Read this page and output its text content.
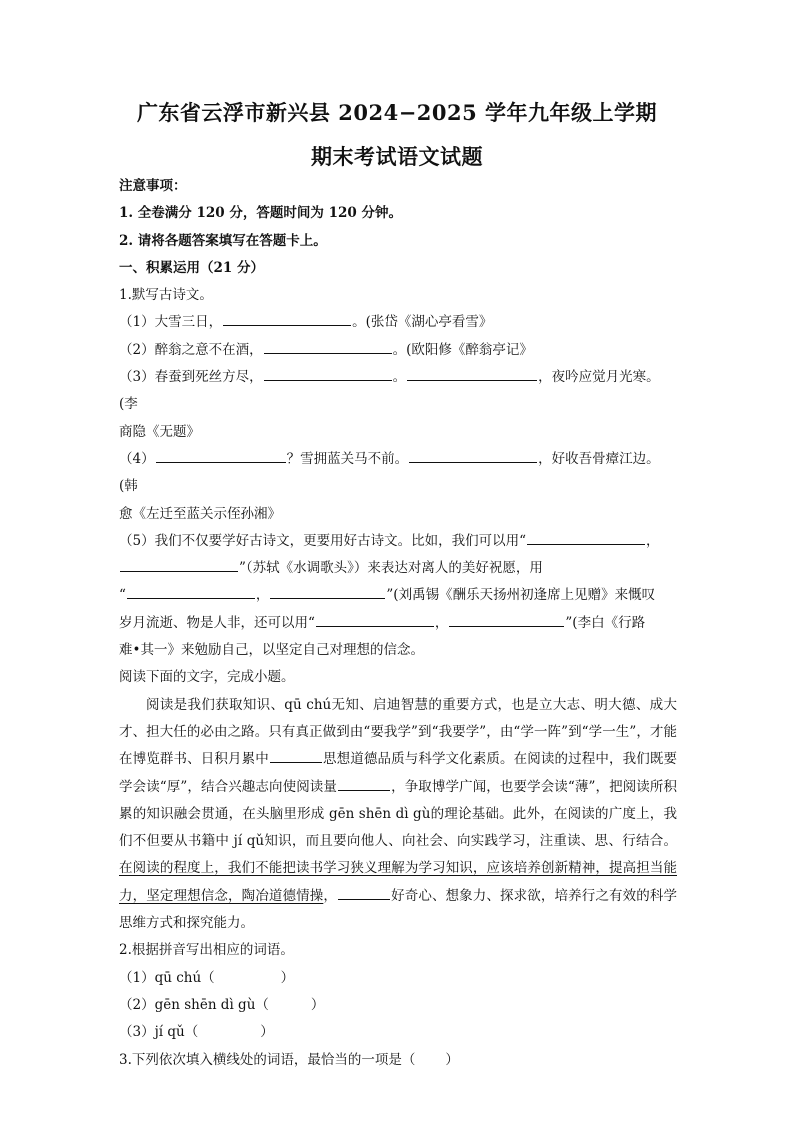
广东省云浮市新兴县 2024−2025 学年九年级上学期
期末考试语文试题

注意事项：

1. 全卷满分 120 分，答题时间为 120 分钟。

2. 请将各题答案填写在答题卡上。

一、积累运用（21 分）

1.默写古诗文。

（1）大雪三日，	。(张岱《湖心亭看雪》

（2）醉翁之意不在酒，	。(欧阳修《醉翁亭记》

（3）春蚕到死丝方尽，	。	，夜吟应觉月光寒。(李

商隐《无题》

（4）	？雪拥蓝关马不前。	，好收吾骨瘴江边。(韩

愈《左迁至蓝关示侄孙湘》

（5）我们不仅要学好古诗文，更要用好古诗文。比如，我们可以用“	，

”（苏轼《水调歌头》）来表达对离人的美好祝愿，用

“	，	”(刘禹锡《酬乐天扬州初逢席上见赠》来慨叹

岁月流逝、物是人非，还可以用“	，	”(李白《行路

难•其一》来勉励自己，以坚定自己对理想的信念。

阅读下面的文字，完成小题。

阅读是我们获取知识、qū chú无知、启迪智慧的重要方式，也是立大志、明大德、成大才、担大任的必由之路。只有真正做到由“要我学”到“我要学”，由“学一阵”到“学一生”，才能在博览群书、日积月累中	思想道德品质与科学文化素质。在阅读的过程中，我们既要学会读“厚”，结合兴趣志向使阅读量	，争取博学广闻，也要学会读“薄”，把阅读所积累的知识融会贯通，在头脑里形成 gēn shēn dì gù的理论基础。此外，在阅读的广度上，我们不但要从书籍中 jí qǔ知识，而且要向他人、向社会、向实践学习，注重读、思、行结合。在阅读的程度上，我们不能把读书学习狭义理解为学习知识，应该培养创新精神，提高担当能力，坚定理想信念，陶冶道德情操，	好奇心、想象力、探求欲，培养行之有效的科学思维方式和探究能力。

2.根据拼音写出相应的词语。

（1）qū chú（	）

（2）gēn shēn dì gù（	）

（3）jí qǔ（	）

3.下列依次填入横线处的词语，最恰当的一项是（ ）
